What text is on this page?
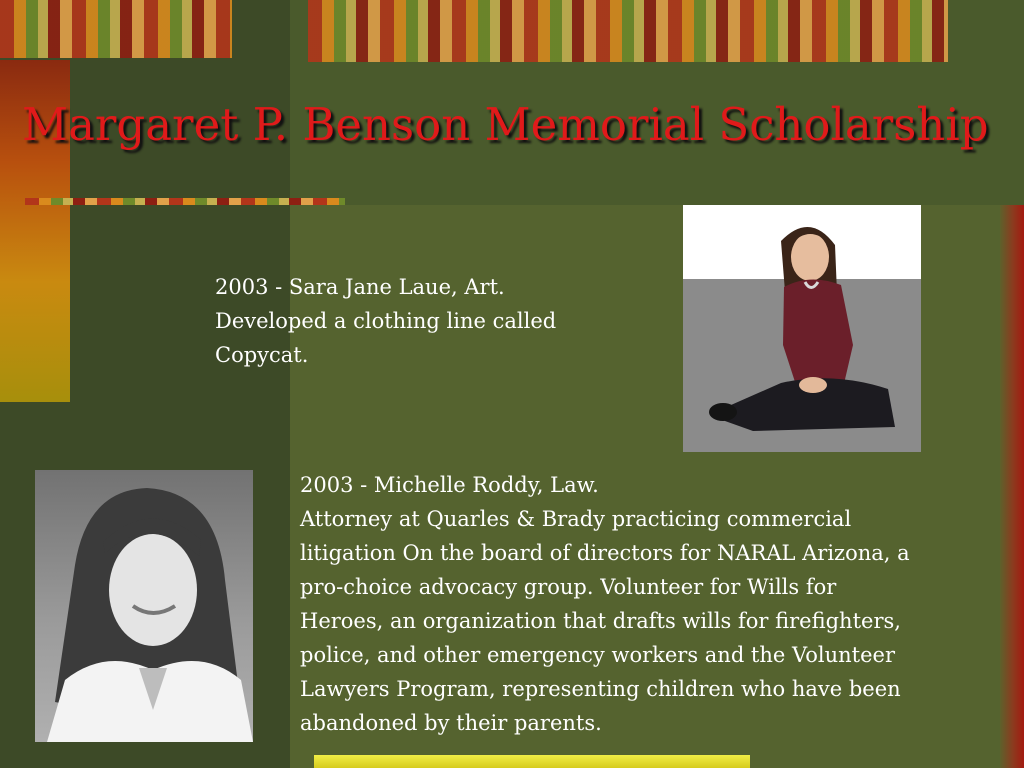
Margaret P. Benson Memorial Scholarship

2003 - Sara Jane Laue, Art.
Developed a clothing line called
Copycat.

2003 - Michelle Roddy, Law.
Attorney at Quarles & Brady practicing commercial
litigation On the board of directors for NARAL Arizona, a
pro-choice advocacy group. Volunteer for Wills for
Heroes, an organization that drafts wills for firefighters,
police, and other emergency workers and the Volunteer
Lawyers Program, representing children who have been
abandoned by their parents.
